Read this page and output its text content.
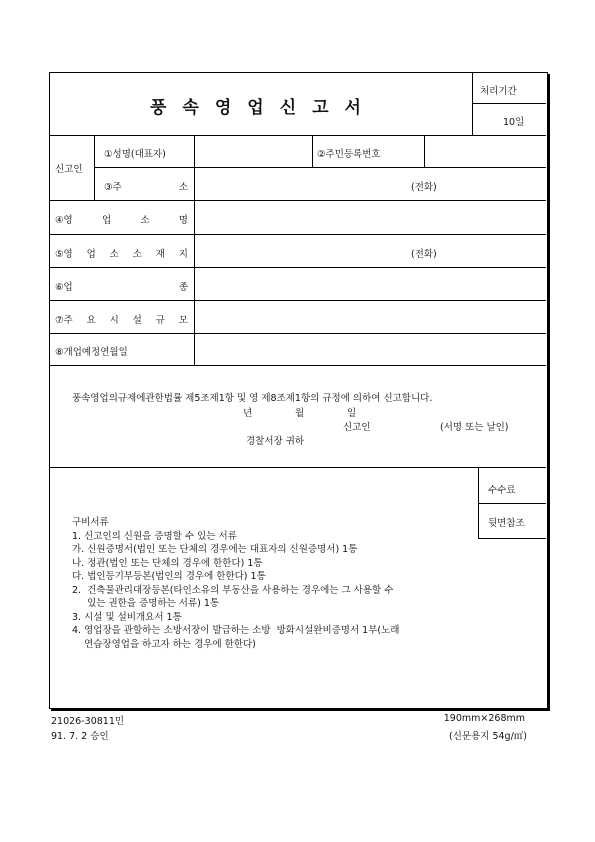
풍속영업신고서
처리기간
10일
신고인
①성명(대표자)	②주민등록번호
③주	소	(전화)
④영	업	소	명
⑤영 업 소 소 재 지	(전화)
⑥업	종
⑦주 요 시 설 규 모
⑧개업예정연월일
풍속영업의규제에관한법률 제5조제1항 및 영 제8조제1항의 규정에 의하여 신고합니다.
년	월	일
신고인	(서명 또는 날인)
경찰서장 귀하
수수료
뒷면참조
구비서류
1. 신고인의 신원을 증명할 수 있는 서류
가. 신원증명서(법인 또는 단체의 경우에는 대표자의 신원증명서) 1통
나. 정관(법인 또는 단체의 경우에 한한다) 1통
다. 법인등기부등본(법인의 경우에 한한다) 1통
2.  건축물관리대장등본(타인소유의 부동산을 사용하는 경우에는 그 사용할 수
있는 권한을 증명하는 서류) 1통
3. 시설 및 설비개요서 1통
4. 영업장을 관할하는 소방서장이 발급하는 소방  방화시설완비증명서 1부(노래
연습장영업을 하고자 하는 경우에 한한다)
21026-30811민
91. 7. 2 승인
190mm×268mm
(신문용지 54g/㎡)
